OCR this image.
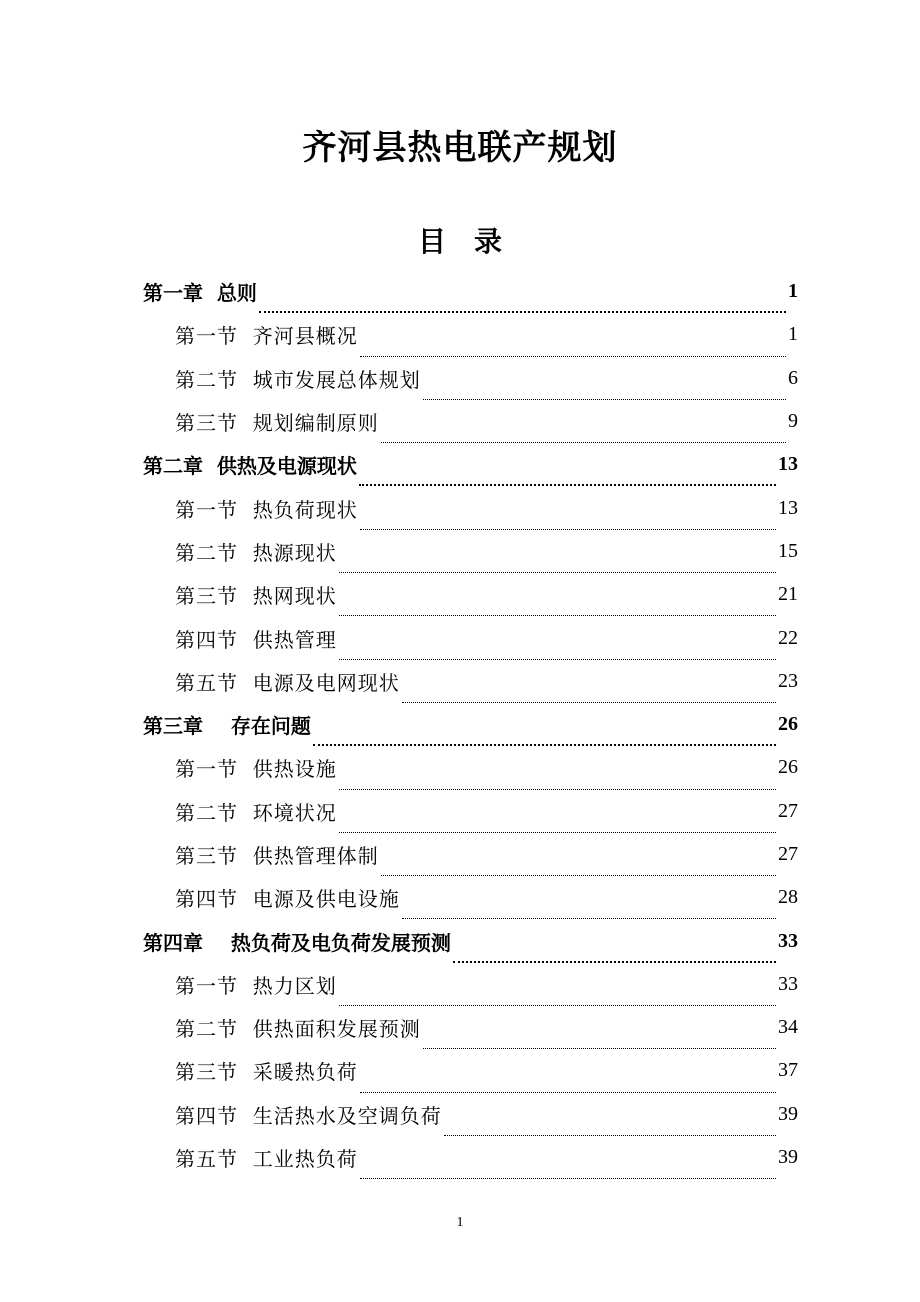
齐河县热电联产规划
目　录
第一章  总则	1
第一节  齐河县概况	1
第二节  城市发展总体规划	6
第三节  规划编制原则	9
第二章  供热及电源现状	13
第一节  热负荷现状	13
第二节  热源现状	15
第三节  热网现状	21
第四节  供热管理	22
第五节  电源及电网现状	23
第三章    存在问题	26
第一节  供热设施	26
第二节  环境状况	27
第三节  供热管理体制	27
第四节  电源及供电设施	28
第四章    热负荷及电负荷发展预测	33
第一节  热力区划	33
第二节  供热面积发展预测	34
第三节  采暖热负荷	37
第四节  生活热水及空调负荷	39
第五节  工业热负荷	39
1
